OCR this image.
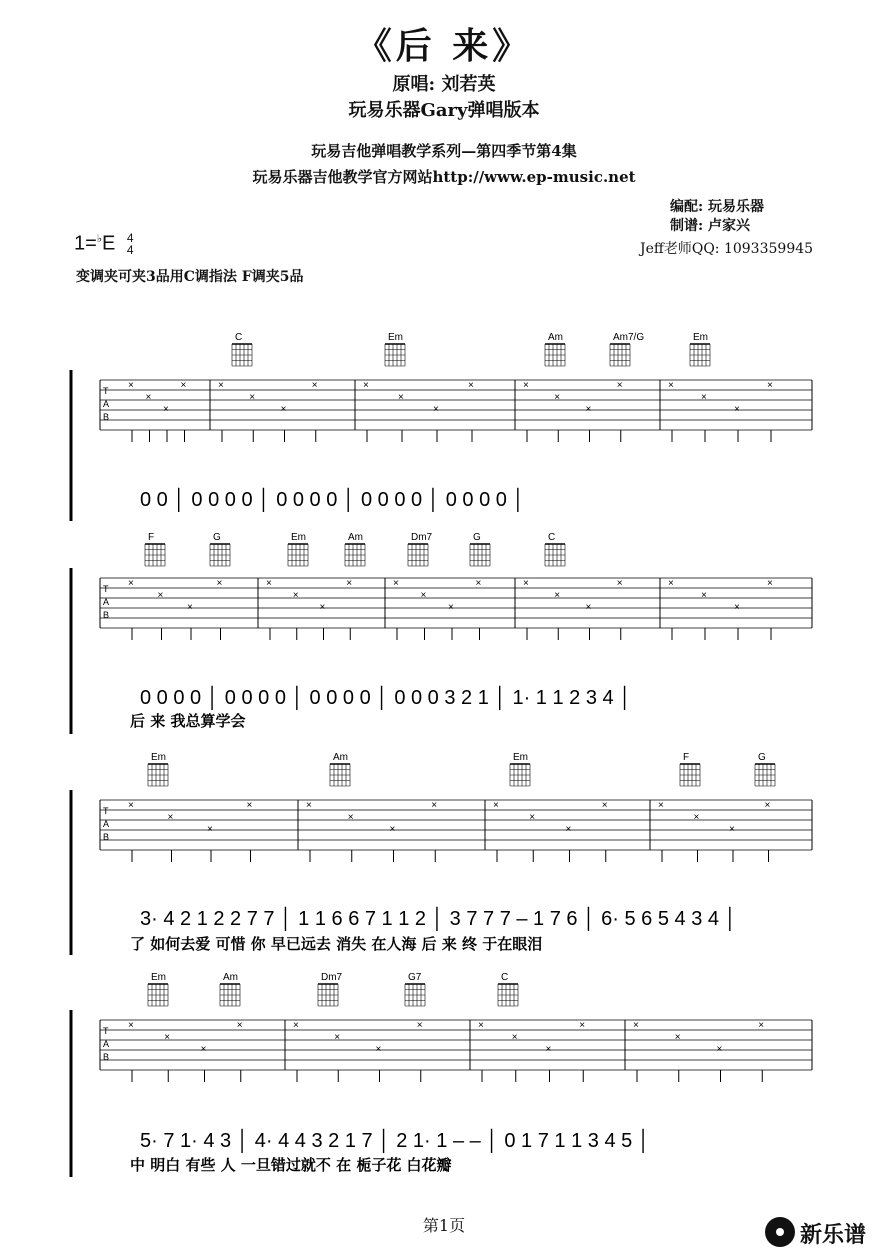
《后 来》
原唱: 刘若英
玩易乐器Gary弹唱版本
玩易吉他弹唱教学系列—第四季节第4集
玩易乐器吉他教学官方网站http://www.ep-music.net
编配: 玩易乐器
制谱: 卢家兴
Jeff老师QQ: 1093359945
1=♭E 4
4
变调夹可夹3品用C调指法 F调夹5品
T
A
B
×
×
×
×	×
×
×
×	×
×
×
×	×
×
×
×	×
×
×
×
C	Em	Am	Am7/G	Em
0 0 │ 0 0 0 0 │ 0 0 0 0 │ 0 0 0 0 │ 0 0 0 0 │
T
A
B
×
×
×
×	×
×
×
×	×
×
×
×	×
×
×
×	×
×
×
×
F	G	Em	Am	Dm7	G	C
0 0 0 0 │ 0 0 0 0 │ 0 0 0 0 │ 0 0 0 3 2 1 │ 1· 1 1 2 3 4 │
后 来 我总算学会
T
A
B
×
×
×
×	×
×
×
×	×
×
×
×	×
×
×
×
Em	Am	Em	F	G
3· 4 2 1 2 2 7 7 │ 1 1 6 6 7 1 1 2 │ 3 7 7 7 – 1 7 6 │ 6· 5 6 5 4 3 4 │
了 如何去爱 可惜 你 早已远去 消失 在人海 后 来 终 于在眼泪
T
A
B
×
×
×
×	×
×
×
×	×
×
×
×	×
×
×
×
Em	Am	Dm7	G7	C
5· 7 1· 4 3 │ 4· 4 4 3 2 1 7 │ 2 1· 1 – – │ 0 1 7 1 1 3 4 5 │
中 明白 有些 人 一旦错过就不 在 栀子花 白花瓣
第1页	新乐谱
